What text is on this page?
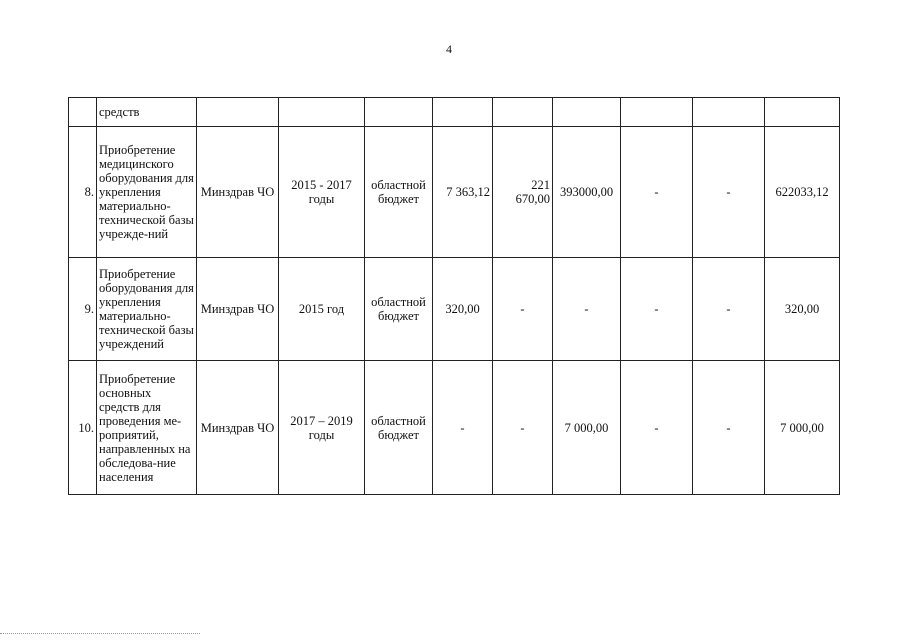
4
	средств									
8.	Приобретение медицинского оборудования для укрепления материально-технической базы учрежде-ний	Минздрав ЧО	2015 - 2017 годы	областной бюджет	7 363,12	221 670,00	393000,00	-	-	622033,12
9.	Приобретение оборудования для укрепления материально-технической базы учреждений	Минздрав ЧО	2015 год	областной бюджет	320,00	-	-	-	-	320,00
10.	Приобретение основных средств для проведения ме-роприятий, направленных на обследова-ние населения	Минздрав ЧО	2017 – 2019 годы	областной бюджет	-	-	7 000,00	-	-	7 000,00
